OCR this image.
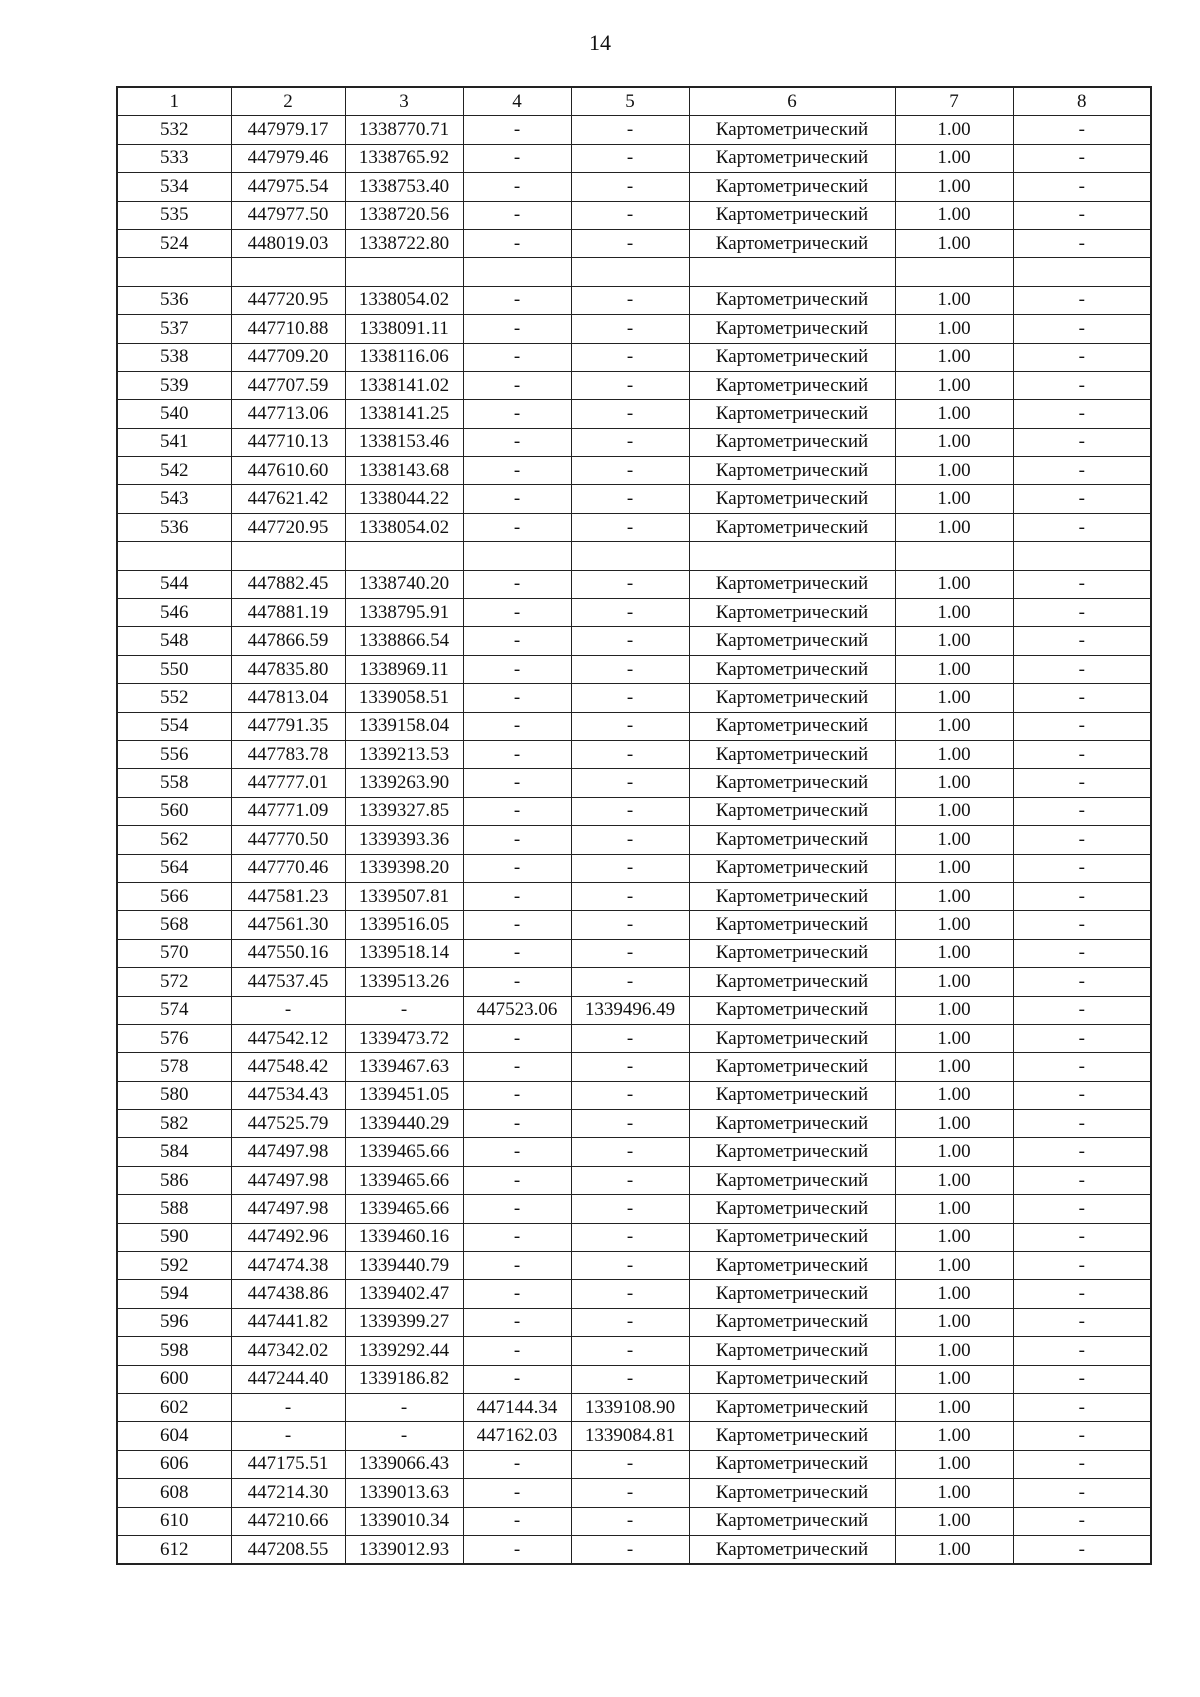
14
1	2	3	4	5	6	7	8
532	447979.17	1338770.71	-	-	Картометрический	1.00	-
533	447979.46	1338765.92	-	-	Картометрический	1.00	-
534	447975.54	1338753.40	-	-	Картометрический	1.00	-
535	447977.50	1338720.56	-	-	Картометрический	1.00	-
524	448019.03	1338722.80	-	-	Картометрический	1.00	-

536	447720.95	1338054.02	-	-	Картометрический	1.00	-
537	447710.88	1338091.11	-	-	Картометрический	1.00	-
538	447709.20	1338116.06	-	-	Картометрический	1.00	-
539	447707.59	1338141.02	-	-	Картометрический	1.00	-
540	447713.06	1338141.25	-	-	Картометрический	1.00	-
541	447710.13	1338153.46	-	-	Картометрический	1.00	-
542	447610.60	1338143.68	-	-	Картометрический	1.00	-
543	447621.42	1338044.22	-	-	Картометрический	1.00	-
536	447720.95	1338054.02	-	-	Картометрический	1.00	-

544	447882.45	1338740.20	-	-	Картометрический	1.00	-
546	447881.19	1338795.91	-	-	Картометрический	1.00	-
548	447866.59	1338866.54	-	-	Картометрический	1.00	-
550	447835.80	1338969.11	-	-	Картометрический	1.00	-
552	447813.04	1339058.51	-	-	Картометрический	1.00	-
554	447791.35	1339158.04	-	-	Картометрический	1.00	-
556	447783.78	1339213.53	-	-	Картометрический	1.00	-
558	447777.01	1339263.90	-	-	Картометрический	1.00	-
560	447771.09	1339327.85	-	-	Картометрический	1.00	-
562	447770.50	1339393.36	-	-	Картометрический	1.00	-
564	447770.46	1339398.20	-	-	Картометрический	1.00	-
566	447581.23	1339507.81	-	-	Картометрический	1.00	-
568	447561.30	1339516.05	-	-	Картометрический	1.00	-
570	447550.16	1339518.14	-	-	Картометрический	1.00	-
572	447537.45	1339513.26	-	-	Картометрический	1.00	-
574	-	-	447523.06	1339496.49	Картометрический	1.00	-
576	447542.12	1339473.72	-	-	Картометрический	1.00	-
578	447548.42	1339467.63	-	-	Картометрический	1.00	-
580	447534.43	1339451.05	-	-	Картометрический	1.00	-
582	447525.79	1339440.29	-	-	Картометрический	1.00	-
584	447497.98	1339465.66	-	-	Картометрический	1.00	-
586	447497.98	1339465.66	-	-	Картометрический	1.00	-
588	447497.98	1339465.66	-	-	Картометрический	1.00	-
590	447492.96	1339460.16	-	-	Картометрический	1.00	-
592	447474.38	1339440.79	-	-	Картометрический	1.00	-
594	447438.86	1339402.47	-	-	Картометрический	1.00	-
596	447441.82	1339399.27	-	-	Картометрический	1.00	-
598	447342.02	1339292.44	-	-	Картометрический	1.00	-
600	447244.40	1339186.82	-	-	Картометрический	1.00	-
602	-	-	447144.34	1339108.90	Картометрический	1.00	-
604	-	-	447162.03	1339084.81	Картометрический	1.00	-
606	447175.51	1339066.43	-	-	Картометрический	1.00	-
608	447214.30	1339013.63	-	-	Картометрический	1.00	-
610	447210.66	1339010.34	-	-	Картометрический	1.00	-
612	447208.55	1339012.93	-	-	Картометрический	1.00	-
